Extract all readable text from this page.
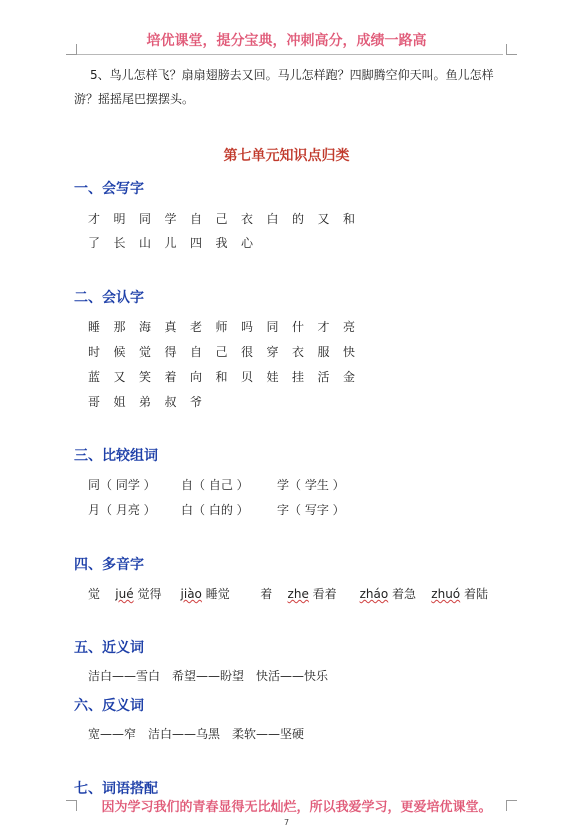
培优课堂，提分宝典，冲刺高分，成绩一路高
5、鸟儿怎样飞？扇扇翅膀去又回。马儿怎样跑？四脚腾空仰天叫。鱼儿怎样
游？摇摇尾巴摆摆头。
第七单元知识点归类
一、会写字
才 明 同 学 自 己 衣 白 的 又 和
了 长 山 儿 四 我 心
二、会认字
睡 那 海 真 老 师 吗 同 什 才 亮
时 候 觉 得 自 己 很 穿 衣 服 快
蓝 又 笑 着 向 和 贝 娃 挂 活 金
哥 姐 弟 叔 爷
三、比较组词
同（ 同学 ） 自（ 自己 ） 学（ 学生 ）
月（ 月亮 ） 白（ 白的 ） 字（ 写字 ）
四、多音字
觉 jué 觉得 jiào 睡觉	着 zhe 看着 zháo 着急 zhuó 着陆
五、近义词
洁白——雪白　希望——盼望　快活——快乐
六、反义词
宽——窄　洁白——乌黑　柔软——坚硬
七、词语搭配
因为学习我们的青春显得无比灿烂，所以我爱学习，更爱培优课堂。
7
